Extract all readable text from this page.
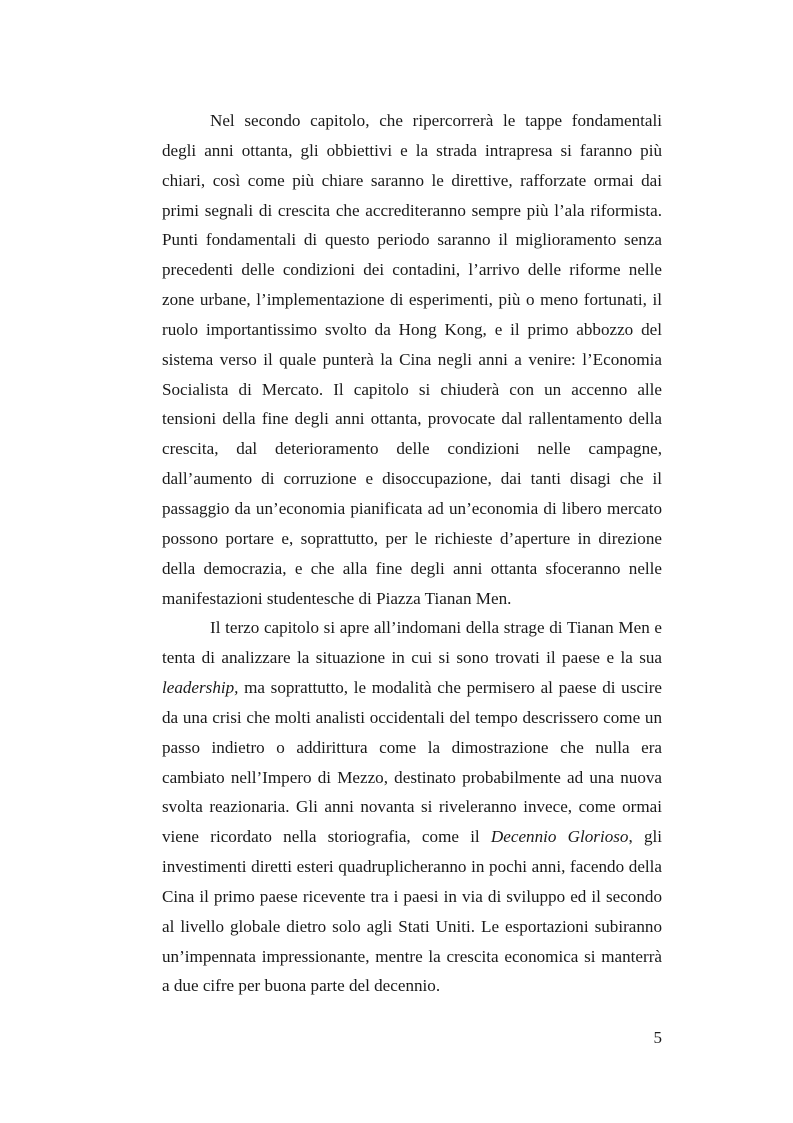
Nel secondo capitolo, che ripercorrerà le tappe fondamentali degli anni ottanta, gli obbiettivi e la strada intrapresa si faranno più chiari, così come più chiare saranno le direttive, rafforzate ormai dai primi segnali di crescita che accrediteranno sempre più l’ala riformista. Punti fondamentali di questo periodo saranno il miglioramento senza precedenti delle condizioni dei contadini, l’arrivo delle riforme nelle zone urbane, l’implementazione di esperimenti, più o meno fortunati, il ruolo importantissimo svolto da Hong Kong, e il primo abbozzo del sistema verso il quale punterà la Cina negli anni a venire: l’Economia Socialista di Mercato. Il capitolo si chiuderà con un accenno alle tensioni della fine degli anni ottanta, provocate dal rallentamento della crescita, dal deterioramento delle condizioni nelle campagne, dall’aumento di corruzione e disoccupazione, dai tanti disagi che il passaggio da un’economia pianificata ad un’economia di libero mercato possono portare e, soprattutto, per le richieste d’aperture in direzione della democrazia, e che alla fine degli anni ottanta sfoceranno nelle manifestazioni studentesche di Piazza Tianan Men.

Il terzo capitolo si apre all’indomani della strage di Tianan Men e tenta di analizzare la situazione in cui si sono trovati il paese e la sua leadership, ma soprattutto, le modalità che permisero al paese di uscire da una crisi che molti analisti occidentali del tempo descrissero come un passo indietro o addirittura come la dimostrazione che nulla era cambiato nell’Impero di Mezzo, destinato probabilmente ad una nuova svolta reazionaria. Gli anni novanta si riveleranno invece, come ormai viene ricordato nella storiografia, come il Decennio Glorioso, gli investimenti diretti esteri quadruplicheranno in pochi anni, facendo della Cina il primo paese ricevente tra i paesi in via di sviluppo ed il secondo al livello globale dietro solo agli Stati Uniti. Le esportazioni subiranno un’impennata impressionante, mentre la crescita economica si manterrà a due cifre per buona parte del decennio.

5
